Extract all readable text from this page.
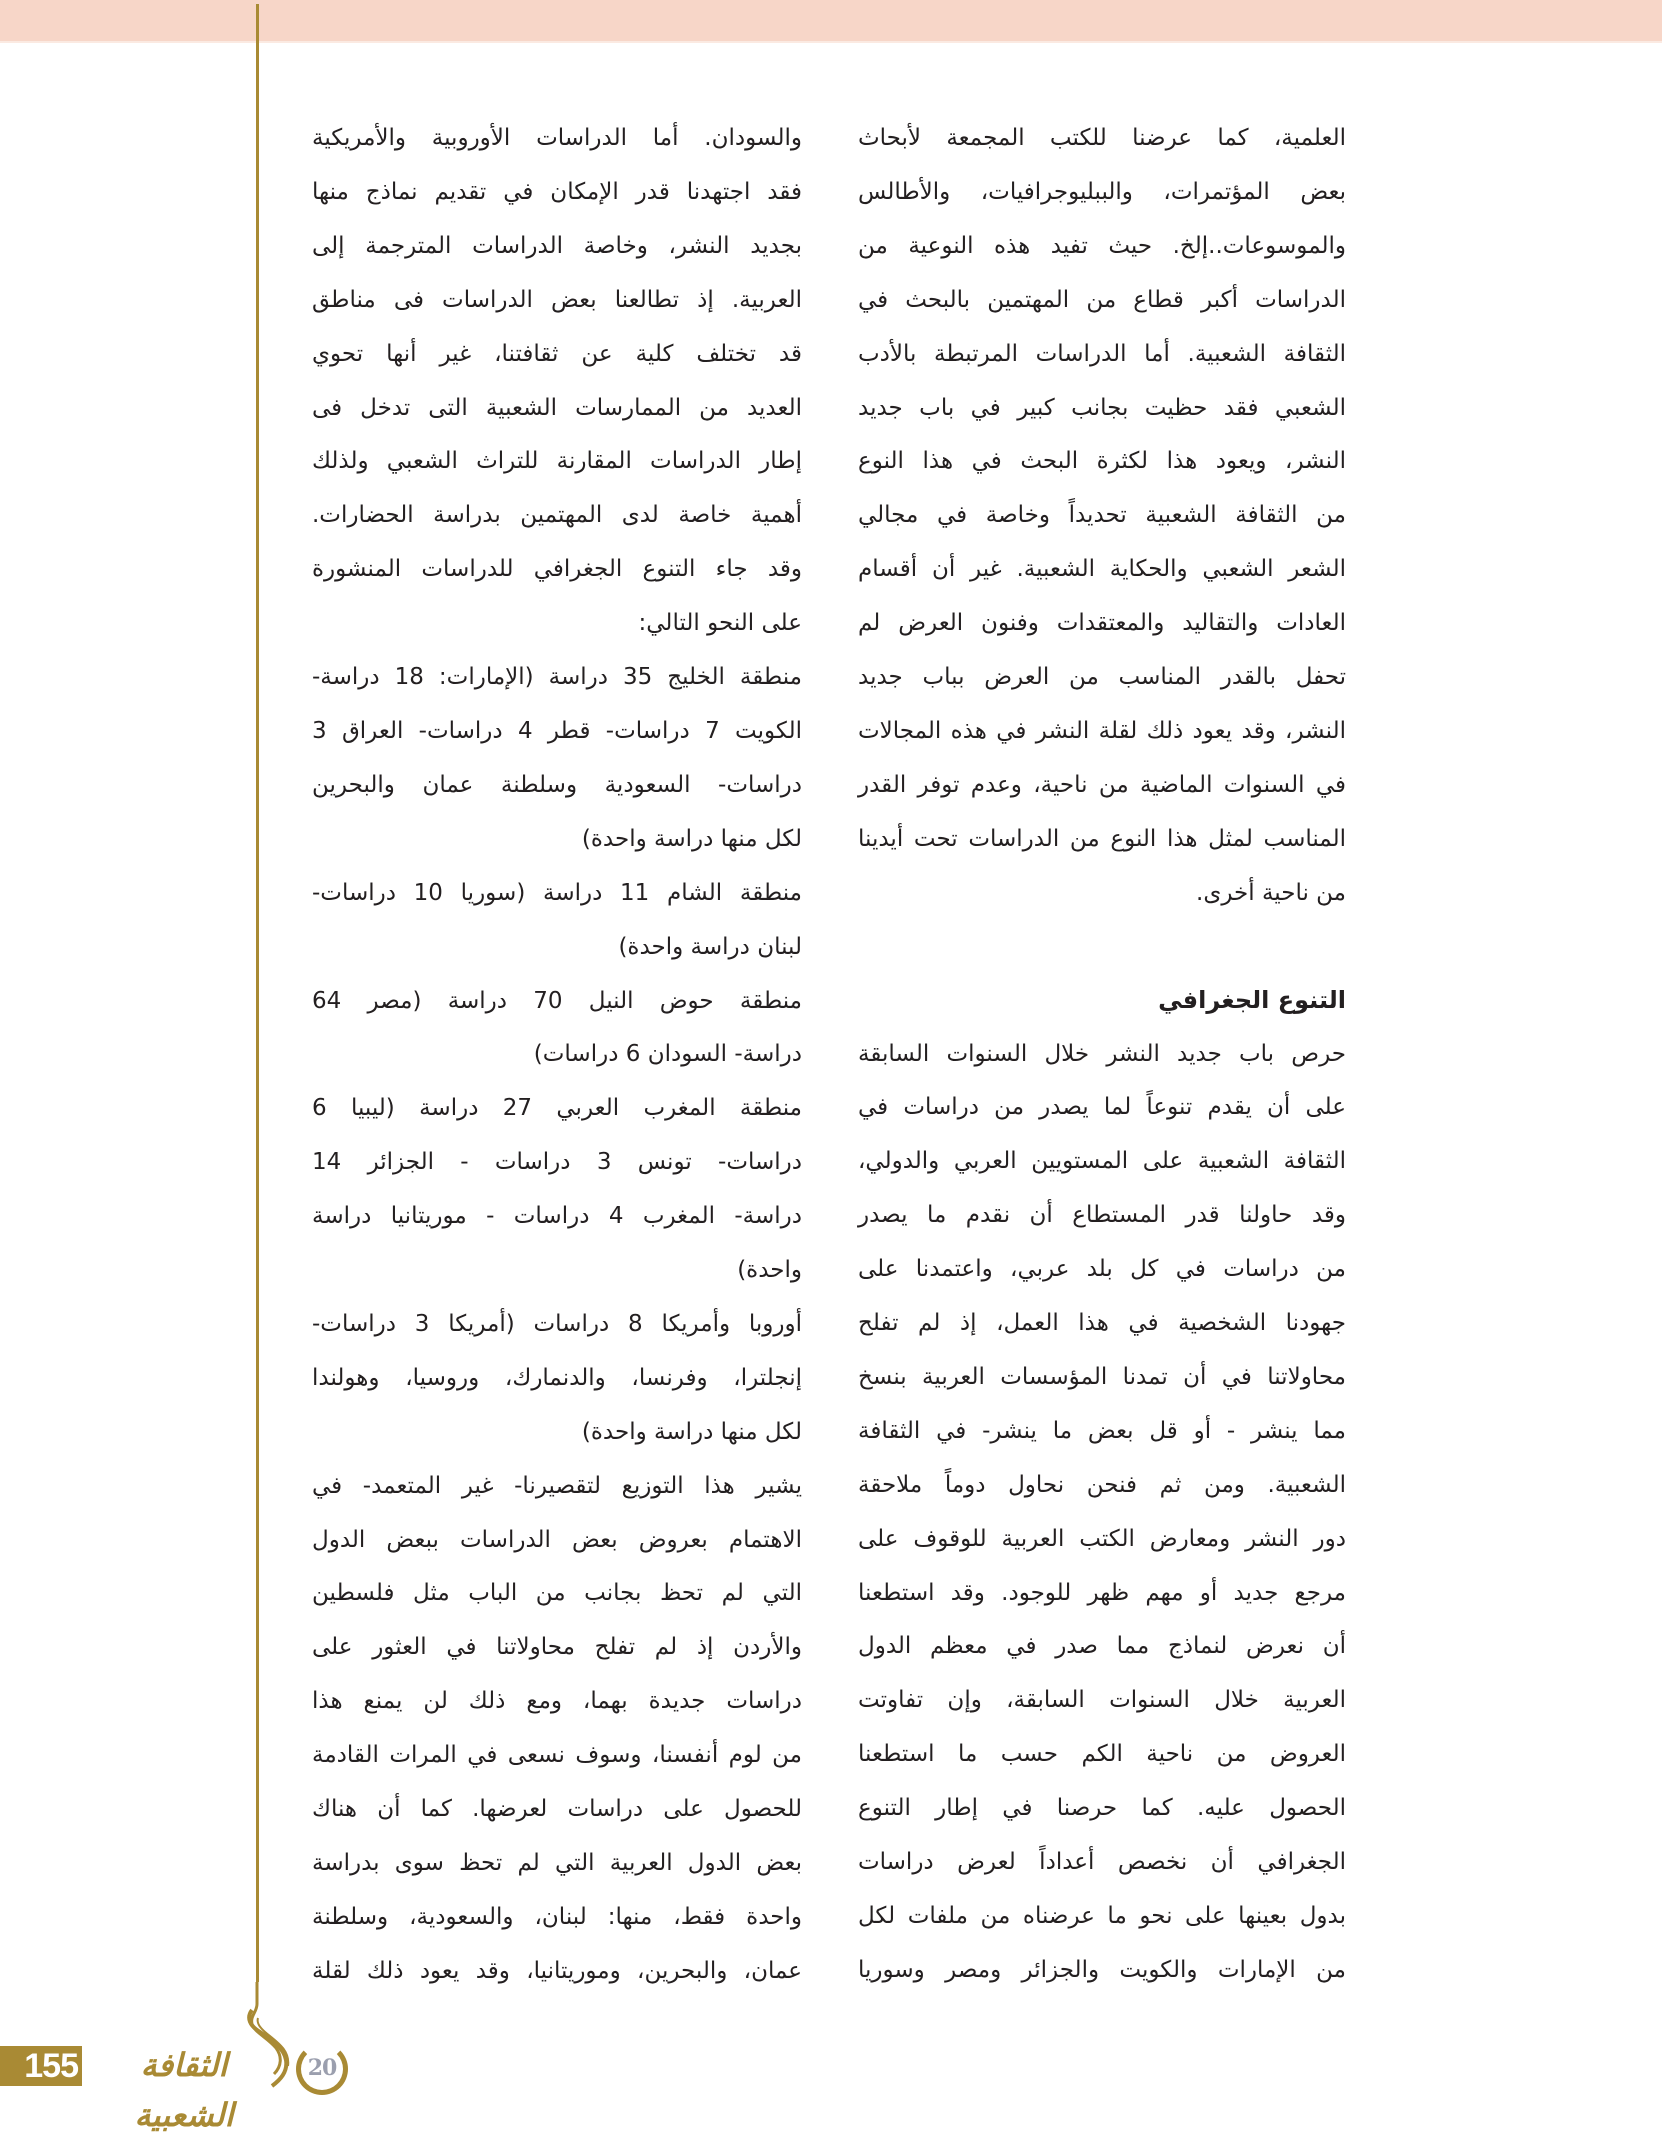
العلمية، كما عرضنا للكتب المجمعة لأبحاث
بعض المؤتمرات، والببليوجرافيات، والأطالس
والموسوعات..إلخ. حيث تفيد هذه النوعية من
الدراسات أكبر قطاع من المهتمين بالبحث في
الثقافة الشعبية. أما الدراسات المرتبطة بالأدب
الشعبي فقد حظيت بجانب كبير في باب جديد
النشر، ويعود هذا لكثرة البحث في هذا النوع
من الثقافة الشعبية تحديداً وخاصة في مجالي
الشعر الشعبي والحكاية الشعبية. غير أن أقسام
العادات والتقاليد والمعتقدات وفنون العرض لم
تحفل بالقدر المناسب من العرض بباب جديد
النشر، وقد يعود ذلك لقلة النشر في هذه المجالات
في السنوات الماضية من ناحية، وعدم توفر القدر
المناسب لمثل هذا النوع من الدراسات تحت أيدينا
من ناحية أخرى.

التنوع الجغرافي

حرص باب جديد النشر خلال السنوات السابقة
على أن يقدم تنوعاً لما يصدر من دراسات في
الثقافة الشعبية على المستويين العربي والدولي،
وقد حاولنا قدر المستطاع أن نقدم ما يصدر
من دراسات في كل بلد عربي، واعتمدنا على
جهودنا الشخصية في هذا العمل، إذ لم تفلح
محاولاتنا في أن تمدنا المؤسسات العربية بنسخ
مما ينشر - أو قل بعض ما ينشر- في الثقافة
الشعبية. ومن ثم فنحن نحاول دوماً ملاحقة
دور النشر ومعارض الكتب العربية للوقوف على
مرجع جديد أو مهم ظهر للوجود. وقد استطعنا
أن نعرض لنماذج مما صدر في معظم الدول
العربية خلال السنوات السابقة، وإن تفاوتت
العروض من ناحية الكم حسب ما استطعنا
الحصول عليه. كما حرصنا في إطار التنوع
الجغرافي أن نخصص أعداداً لعرض دراسات
بدول بعينها على نحو ما عرضناه من ملفات لكل
من الإمارات والكويت والجزائر ومصر وسوريا

والسودان. أما الدراسات الأوروبية والأمريكية
فقد اجتهدنا قدر الإمكان في تقديم نماذج منها
بجديد النشر، وخاصة الدراسات المترجمة إلى
العربية. إذ تطالعنا بعض الدراسات فى مناطق
قد تختلف كلية عن ثقافتنا، غير أنها تحوي
العديد من الممارسات الشعبية التى تدخل فى
إطار الدراسات المقارنة للتراث الشعبي ولذلك
أهمية خاصة لدى المهتمين بدراسة الحضارات.
وقد جاء التنوع الجغرافي للدراسات المنشورة
على النحو التالي:

منطقة الخليج 35 دراسة (الإمارات: 18 دراسة-
الكويت 7 دراسات- قطر 4 دراسات- العراق 3
دراسات- السعودية وسلطنة عمان والبحرين
لكل منها دراسة واحدة)

منطقة الشام 11 دراسة (سوريا 10 دراسات-
لبنان دراسة واحدة)

منطقة حوض النيل 70 دراسة (مصر 64
دراسة- السودان 6 دراسات)

منطقة المغرب العربي 27 دراسة (ليبيا 6
دراسات- تونس 3 دراسات - الجزائر 14
دراسة- المغرب 4 دراسات - موريتانيا دراسة
واحدة)

أوروبا وأمريكا 8 دراسات (أمريكا 3 دراسات-
إنجلترا، وفرنسا، والدنمارك، وروسيا، وهولندا
لكل منها دراسة واحدة)

يشير هذا التوزيع لتقصيرنا- غير المتعمد- في
الاهتمام بعروض بعض الدراسات ببعض الدول
التي لم تحظ بجانب من الباب مثل فلسطين
والأردن إذ لم تفلح محاولاتنا في العثور على
دراسات جديدة بهما، ومع ذلك لن يمنع هذا
من لوم أنفسنا، وسوف نسعى في المرات القادمة
للحصول على دراسات لعرضها. كما أن هناك
بعض الدول العربية التي لم تحظ سوى بدراسة
واحدة فقط، منها: لبنان، والسعودية، وسلطنة
عمان، والبحرين، وموريتانيا، وقد يعود ذلك لقلة

155	الثقافة الشعبية
20
